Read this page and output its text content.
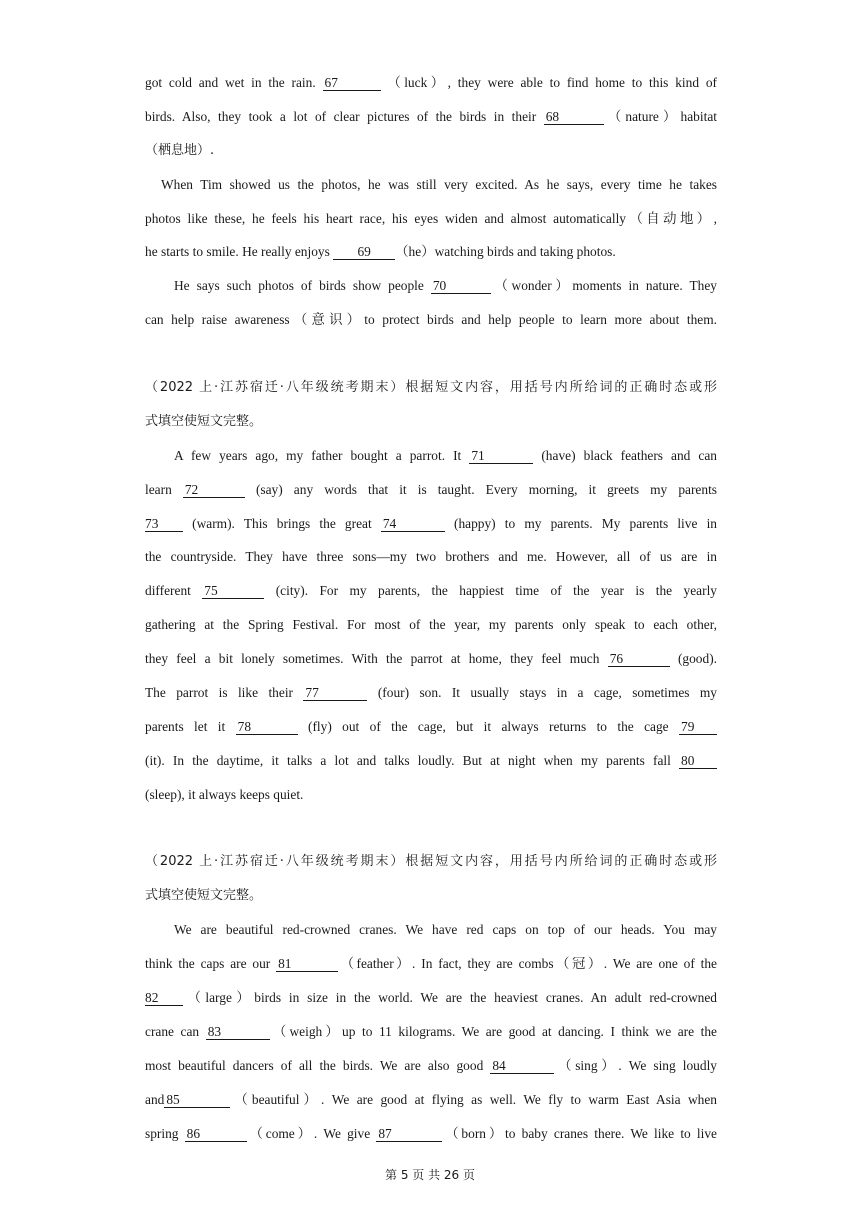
got cold and wet in the rain. 67	（luck）, they were able to find home to this kind of
birds. Also, they took a lot of clear pictures of the birds in their 68	（nature）habitat
（栖息地）.
When Tim showed us the photos, he was still very excited. As he says, every time he takes
photos like these, he feels his heart race, his eyes widen and almost automatically（自动地）,
he starts to smile. He really enjoys 69 （he）watching birds and taking photos.
He says such photos of birds show people 70	（wonder）moments in nature. They
can help raise awareness（意识）to protect birds and help people to learn more about them.
（2022 上·江苏宿迁·八年级统考期末）根据短文内容，用括号内所给词的正确时态或形
式填空使短文完整。
A few years ago, my father bought a parrot. It 71	(have) black feathers and can
learn 72	(say) any words that it is taught. Every morning, it greets my parents
73 (warm). This brings the great 74	(happy) to my parents. My parents live in
the countryside. They have three sons—my two brothers and me. However, all of us are in
different 75	(city). For my parents, the happiest time of the year is the yearly
gathering at the Spring Festival. For most of the year, my parents only speak to each other,
they feel a bit lonely sometimes. With the parrot at home, they feel much 76	(good).
The parrot is like their 77	(four) son. It usually stays in a cage, sometimes my
parents let it 78	(fly) out of the cage, but it always returns to the cage 79
(it). In the daytime, it talks a lot and talks loudly. But at night when my parents fall 80
(sleep), it always keeps quiet.
（2022 上·江苏宿迁·八年级统考期末）根据短文内容，用括号内所给词的正确时态或形
式填空使短文完整。
We are beautiful red-crowned cranes. We have red caps on top of our heads. You may
think the caps are our 81	（feather）. In fact, they are combs（冠）. We are one of the
82 （large）birds in size in the world. We are the heaviest cranes. An adult red-crowned
crane can 83	（weigh）up to 11 kilograms. We are good at dancing. I think we are the
most beautiful dancers of all the birds. We are also good 84	（sing）. We sing loudly
and 85	（beautiful）. We are good at flying as well. We fly to warm East Asia when
spring 86	（come）. We give 87	（born）to baby cranes there. We like to live
第 5 页 共 26 页
